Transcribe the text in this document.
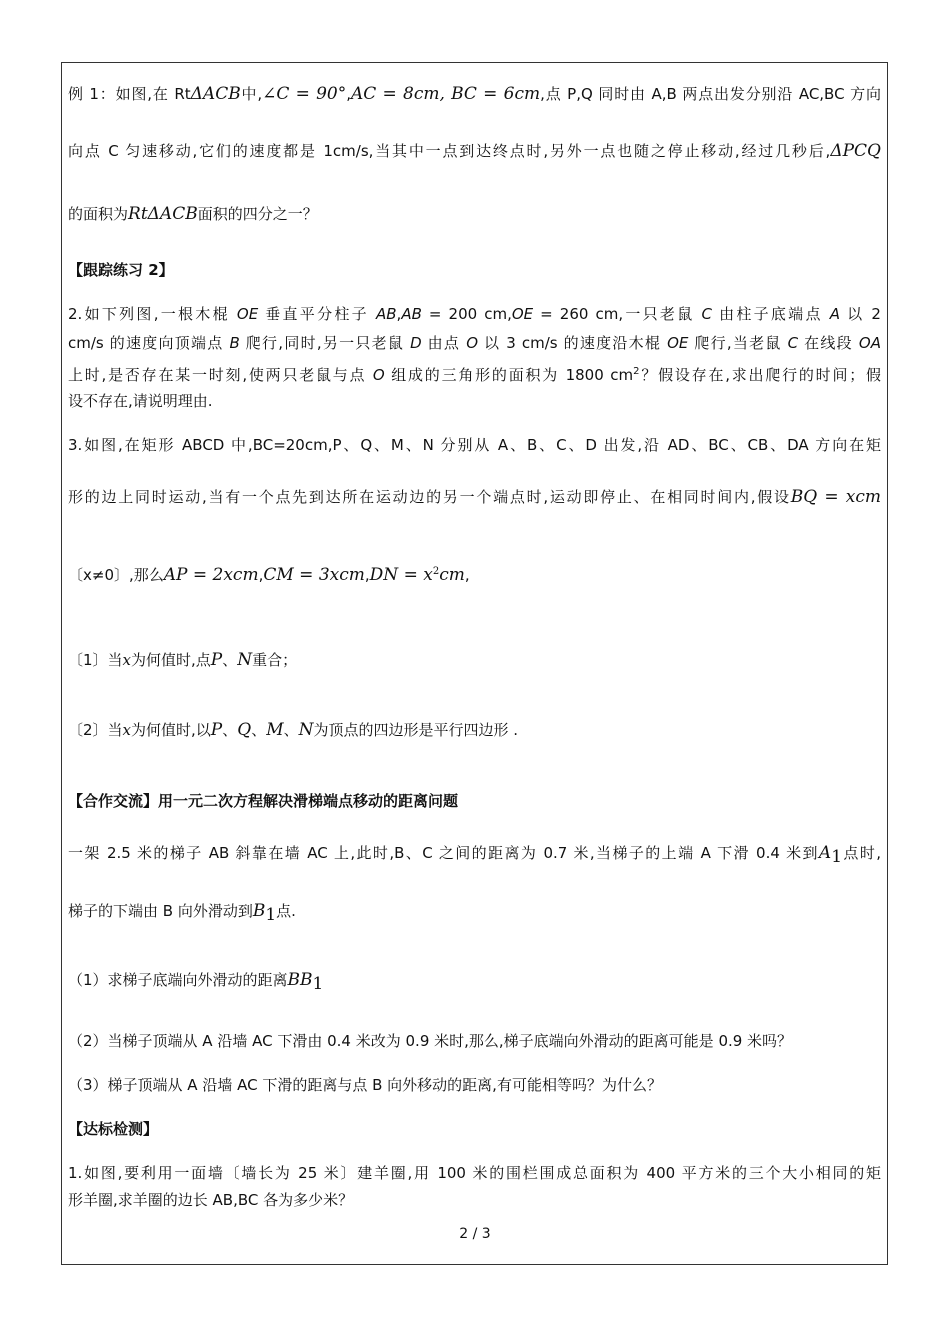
例 1：如图,在 RtΔACB中,∠C = 90°,AC = 8cm, BC = 6cm,点 P,Q 同时由 A,B 两点出发分别沿 AC,BC 方向
向点 C 匀速移动,它们的速度都是 1cm/s,当其中一点到达终点时,另外一点也随之停止移动,经过几秒后,ΔPCQ
的面积为RtΔACB面积的四分之一？
【跟踪练习 2】
2.如下列图,一根木棍 OE 垂直平分柱子 AB,AB = 200 cm,OE = 260 cm,一只老鼠 C 由柱子底端点 A 以 2
cm/s 的速度向顶端点 B 爬行,同时,另一只老鼠 D 由点 O 以 3 cm/s 的速度沿木棍 OE 爬行,当老鼠 C 在线段 OA
上时,是否存在某一时刻,使两只老鼠与点 O 组成的三角形的面积为 1800 $cm^2$？假设存在,求出爬行的时间；假
设不存在,请说明理由.
3.如图,在矩形 ABCD 中,BC=20cm,P、Q、M、N 分别从 A、B、C、D 出发,沿 AD、BC、CB、DA 方向在矩
形的边上同时运动,当有一个点先到达所在运动边的另一个端点时,运动即停止、在相同时间内,假设BQ = xcm
〔x≠0〕,那么AP = $2xcm,CM = 3xcm,DN = x^2cm$,
〔1〕当x为何值时,点P、N重合；
〔2〕当x为何值时,以P、Q、M、N为顶点的四边形是平行四边形 .
【合作交流】用一元二次方程解决滑梯端点移动的距离问题
一架 2.5 米的梯子 AB 斜靠在墙 AC 上,此时,B、C 之间的距离为 0.7 米,当梯子的上端 A 下滑 0.4 米到$A_1$点时,
梯子的下端由 B 向外滑动到$B_1$点.
（1）求梯子底端向外滑动的距离$BB_1$
（2）当梯子顶端从 A 沿墙 AC 下滑由 0.4 米改为 0.9 米时,那么,梯子底端向外滑动的距离可能是 0.9 米吗？
（3）梯子顶端从 A 沿墙 AC 下滑的距离与点 B 向外移动的距离,有可能相等吗？为什么？
【达标检测】
1.如图,要利用一面墙〔墙长为 25 米〕建羊圈,用 100 米的围栏围成总面积为 400 平方米的三个大小相同的矩
形羊圈,求羊圈的边长 AB,BC 各为多少米？
2 / 3
